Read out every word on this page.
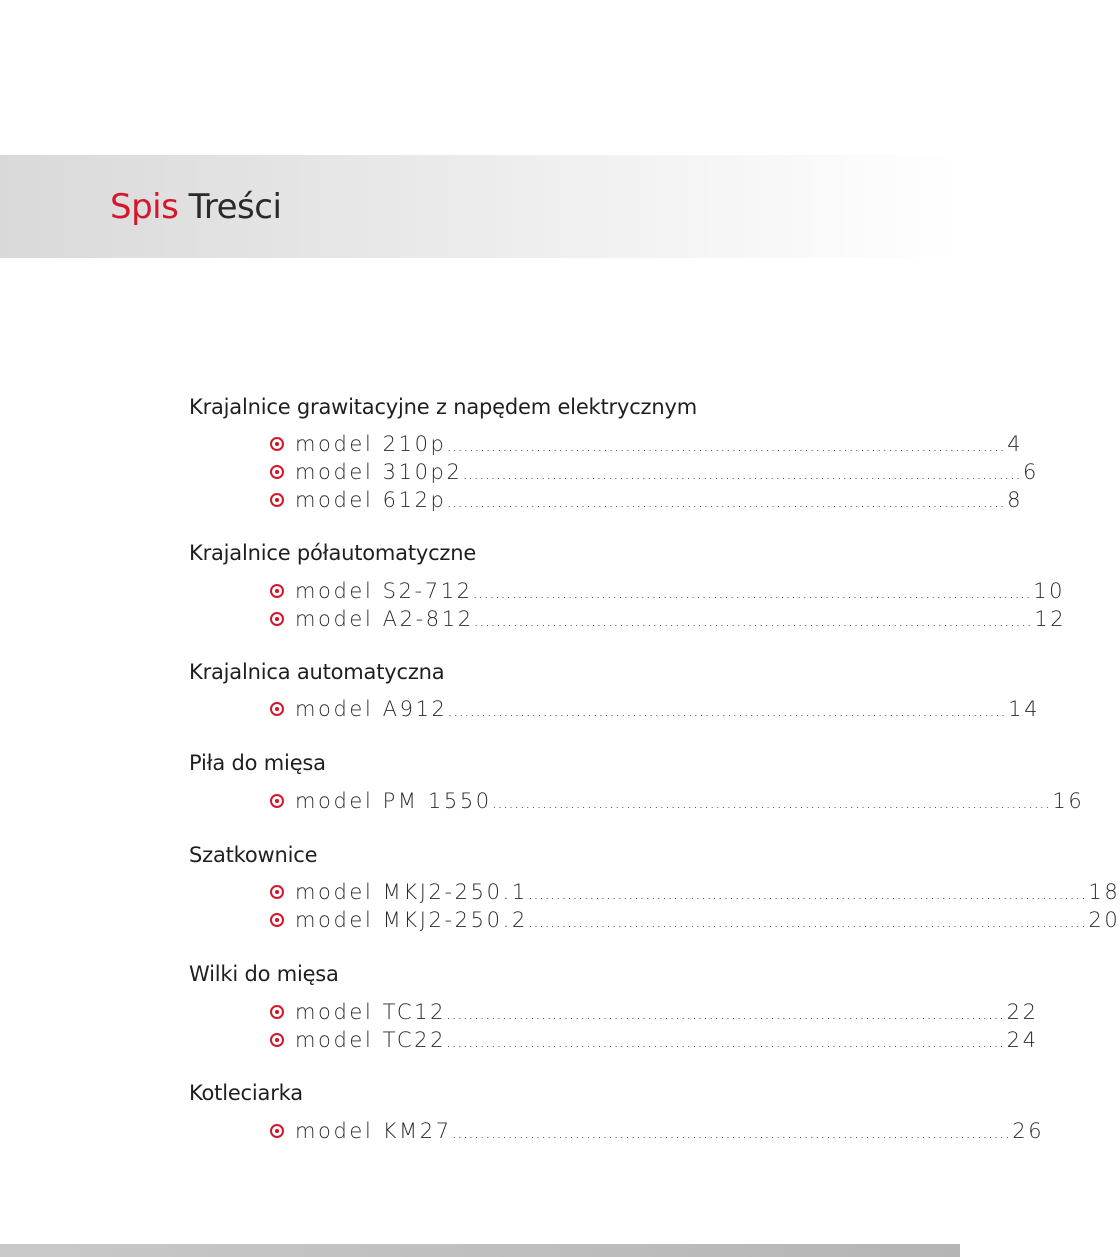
Spis Treści
Krajalnice grawitacyjne z napędem elektrycznym
model 210p .................................................................................................... 4
model 310p2 .................................................................................................... 6
model 612p .................................................................................................... 8
Krajalnice półautomatyczne
model S2-712 .................................................................................................... 10
model A2-812 .................................................................................................... 12
Krajalnica automatyczna
model A912 .................................................................................................... 14
Piła do mięsa
model PM 1550 .................................................................................................... 16
Szatkownice
model MKJ2-250.1 .................................................................................................... 18
model MKJ2-250.2 .................................................................................................... 20
Wilki do mięsa
model TC12 .................................................................................................... 22
model TC22 .................................................................................................... 24
Kotleciarka
model KM27 .................................................................................................... 26
